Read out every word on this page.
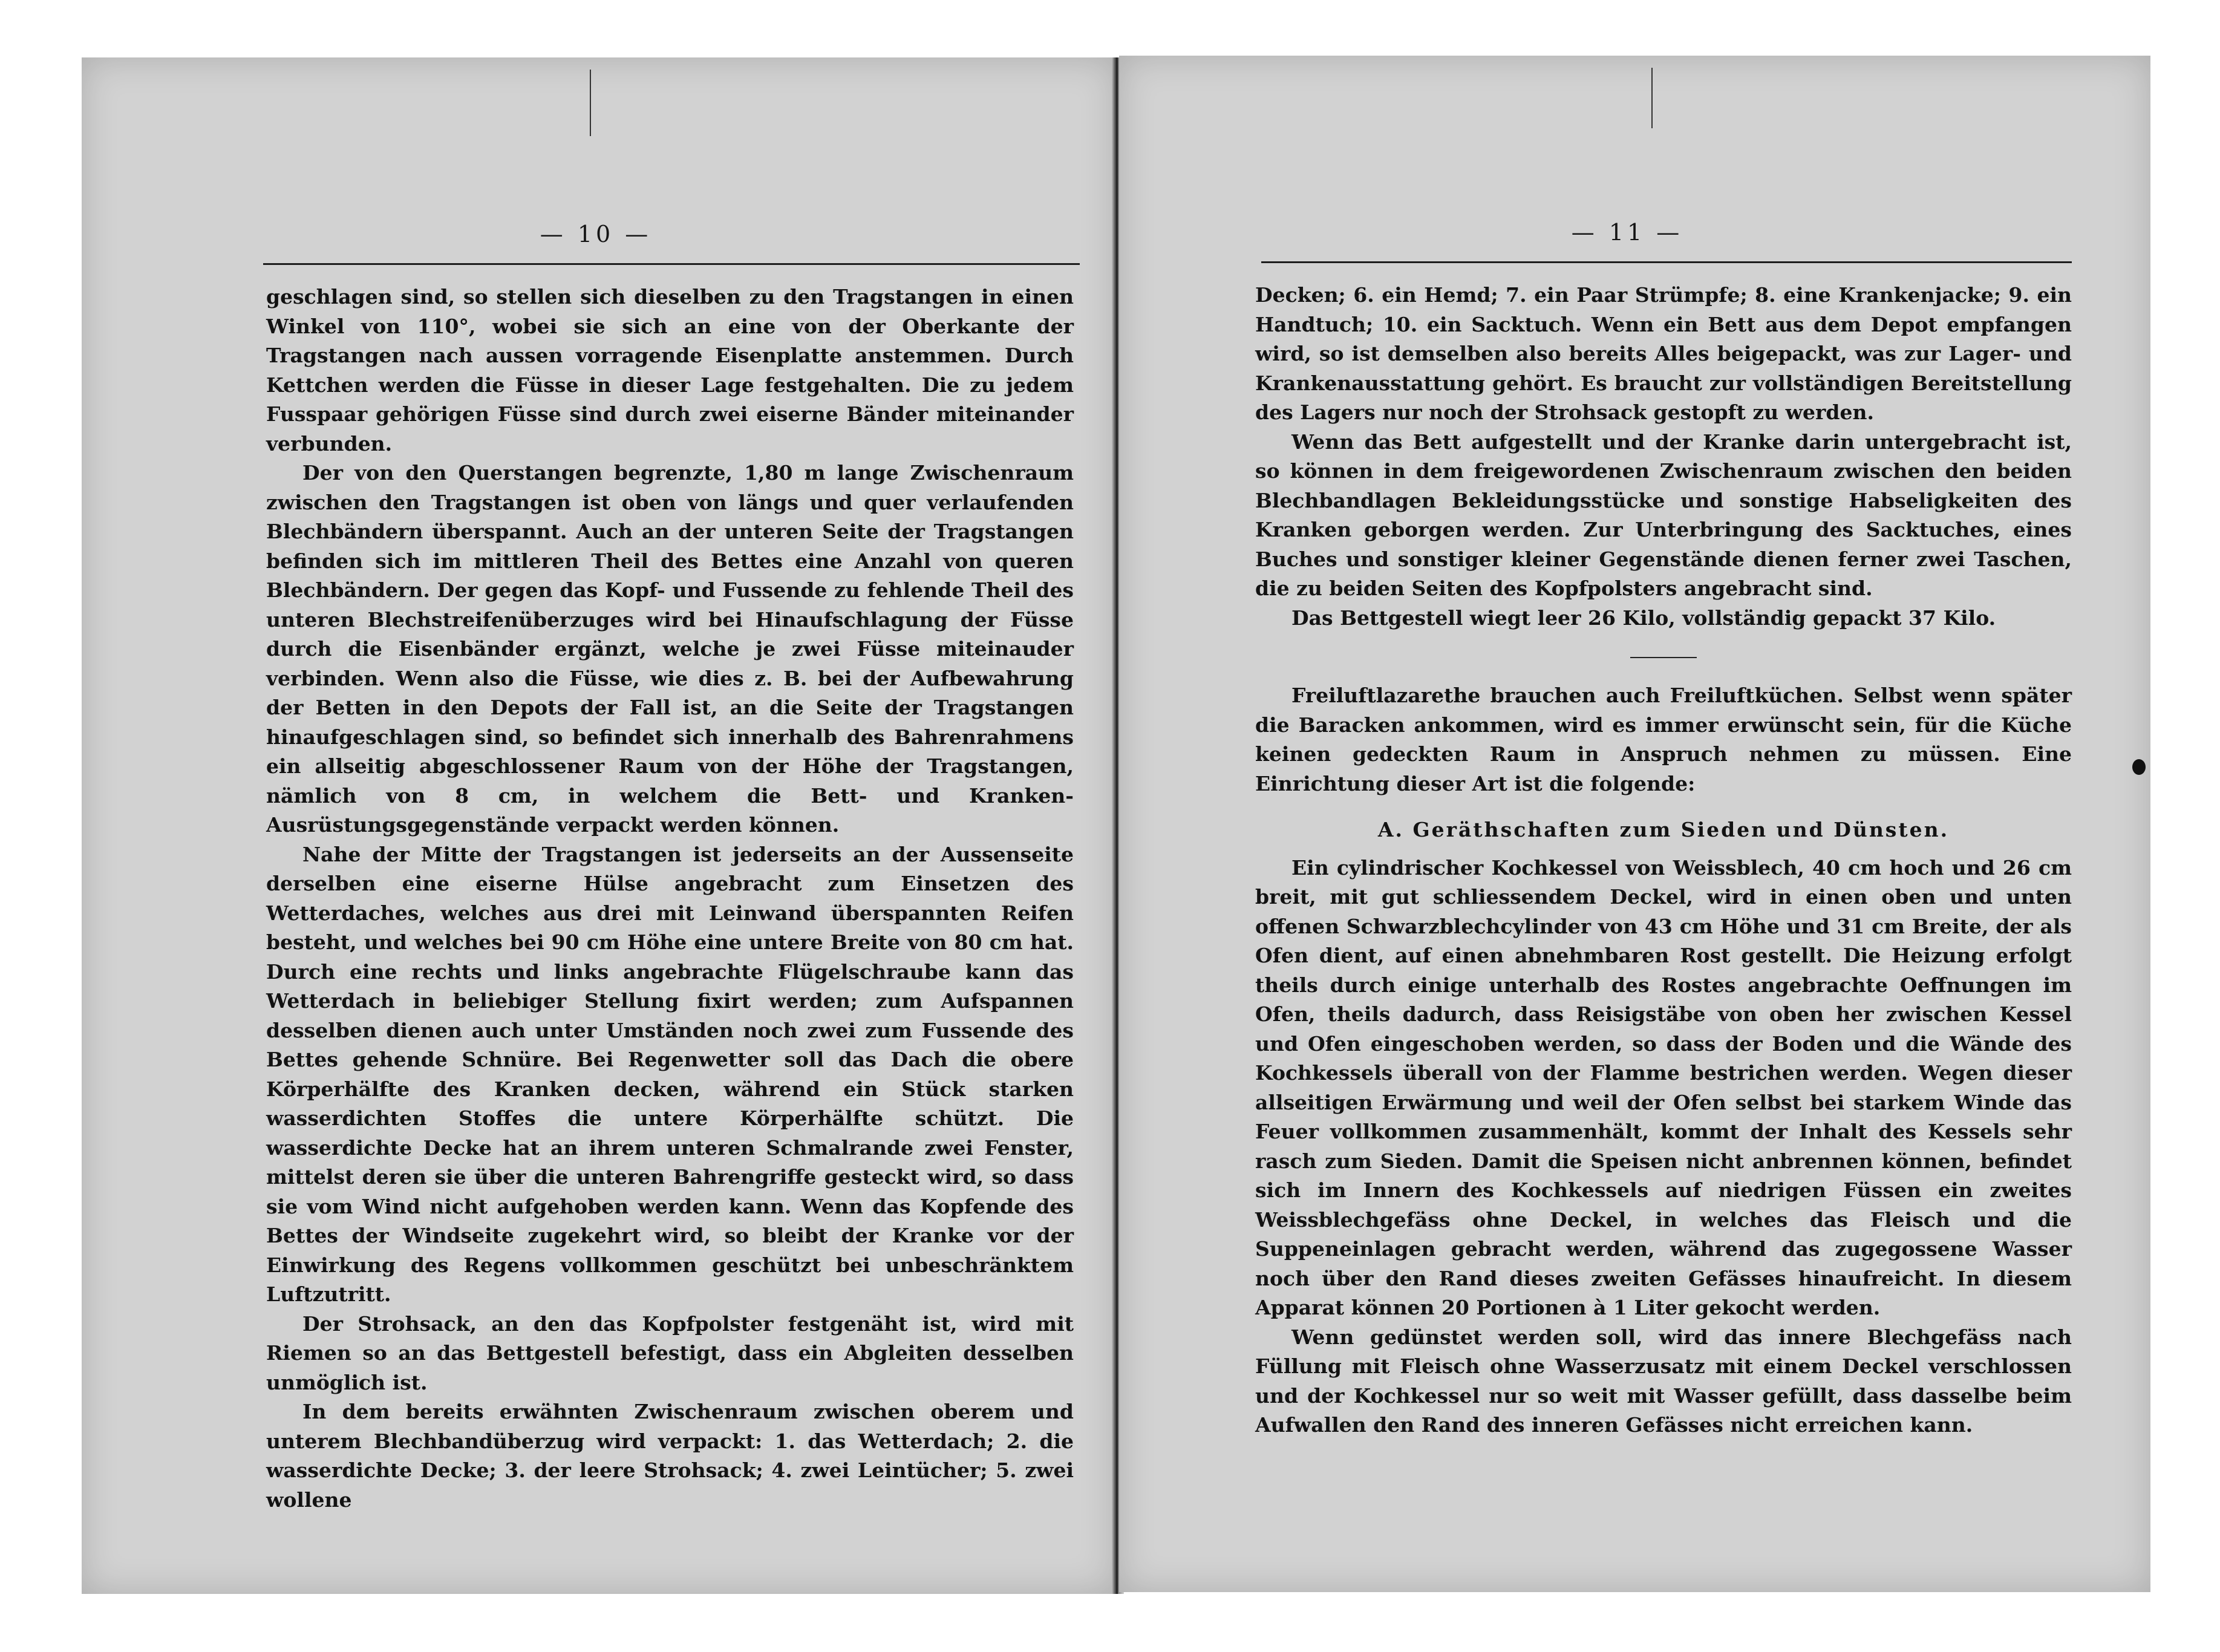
— 10 —

geschlagen sind, so stellen sich dieselben zu den Tragstangen in einen Winkel von 110°, wobei sie sich an eine von der Oberkante der Tragstangen nach aussen vorragende Eisenplatte anstemmen. Durch Kettchen werden die Füsse in dieser Lage festgehalten. Die zu jedem Fusspaar gehörigen Füsse sind durch zwei eiserne Bänder miteinander verbunden.

Der von den Querstangen begrenzte, 1,80 m lange Zwischenraum zwischen den Tragstangen ist oben von längs und quer verlaufenden Blechbändern überspannt. Auch an der unteren Seite der Tragstangen befinden sich im mittleren Theil des Bettes eine Anzahl von queren Blechbändern. Der gegen das Kopf- und Fussende zu fehlende Theil des unteren Blechstreifenüberzuges wird bei Hinaufschlagung der Füsse durch die Eisenbänder ergänzt, welche je zwei Füsse miteinauder verbinden. Wenn also die Füsse, wie dies z. B. bei der Aufbewahrung der Betten in den Depots der Fall ist, an die Seite der Tragstangen hinaufgeschlagen sind, so befindet sich innerhalb des Bahrenrahmens ein allseitig abgeschlossener Raum von der Höhe der Tragstangen, nämlich von 8 cm, in welchem die Bett- und Kranken-Ausrüstungsgegenstände verpackt werden können.

Nahe der Mitte der Tragstangen ist jederseits an der Aussenseite derselben eine eiserne Hülse angebracht zum Einsetzen des Wetterdaches, welches aus drei mit Leinwand überspannten Reifen besteht, und welches bei 90 cm Höhe eine untere Breite von 80 cm hat. Durch eine rechts und links angebrachte Flügelschraube kann das Wetterdach in beliebiger Stellung fixirt werden; zum Aufspannen desselben dienen auch unter Umständen noch zwei zum Fussende des Bettes gehende Schnüre. Bei Regenwetter soll das Dach die obere Körperhälfte des Kranken decken, während ein Stück starken wasserdichten Stoffes die untere Körperhälfte schützt. Die wasserdichte Decke hat an ihrem unteren Schmalrande zwei Fenster, mittelst deren sie über die unteren Bahrengriffe gesteckt wird, so dass sie vom Wind nicht aufgehoben werden kann. Wenn das Kopfende des Bettes der Windseite zugekehrt wird, so bleibt der Kranke vor der Einwirkung des Regens vollkommen geschützt bei unbeschränktem Luftzutritt.

Der Strohsack, an den das Kopfpolster festgenäht ist, wird mit Riemen so an das Bettgestell befestigt, dass ein Abgleiten desselben unmöglich ist.

In dem bereits erwähnten Zwischenraum zwischen oberem und unterem Blechbandüberzug wird verpackt: 1. das Wetterdach; 2. die wasserdichte Decke; 3. der leere Strohsack; 4. zwei Leintücher; 5. zwei wollene

— 11 —

Decken; 6. ein Hemd; 7. ein Paar Strümpfe; 8. eine Krankenjacke; 9. ein Handtuch; 10. ein Sacktuch. Wenn ein Bett aus dem Depot empfangen wird, so ist demselben also bereits Alles beigepackt, was zur Lager- und Krankenausstattung gehört. Es braucht zur vollständigen Bereitstellung des Lagers nur noch der Strohsack gestopft zu werden.

Wenn das Bett aufgestellt und der Kranke darin untergebracht ist, so können in dem freigewordenen Zwischenraum zwischen den beiden Blechbandlagen Bekleidungsstücke und sonstige Habseligkeiten des Kranken geborgen werden. Zur Unterbringung des Sacktuches, eines Buches und sonstiger kleiner Gegenstände dienen ferner zwei Taschen, die zu beiden Seiten des Kopfpolsters angebracht sind.

Das Bettgestell wiegt leer 26 Kilo, vollständig gepackt 37 Kilo.

Freiluftlazarethe brauchen auch Freiluftküchen. Selbst wenn später die Baracken ankommen, wird es immer erwünscht sein, für die Küche keinen gedeckten Raum in Anspruch nehmen zu müssen. Eine Einrichtung dieser Art ist die folgende:

A. Geräthschaften zum Sieden und Dünsten.

Ein cylindrischer Kochkessel von Weissblech, 40 cm hoch und 26 cm breit, mit gut schliessendem Deckel, wird in einen oben und unten offenen Schwarzblechcylinder von 43 cm Höhe und 31 cm Breite, der als Ofen dient, auf einen abnehmbaren Rost gestellt. Die Heizung erfolgt theils durch einige unterhalb des Rostes angebrachte Oeffnungen im Ofen, theils dadurch, dass Reisigstäbe von oben her zwischen Kessel und Ofen eingeschoben werden, so dass der Boden und die Wände des Kochkessels überall von der Flamme bestrichen werden. Wegen dieser allseitigen Erwärmung und weil der Ofen selbst bei starkem Winde das Feuer vollkommen zusammenhält, kommt der Inhalt des Kessels sehr rasch zum Sieden. Damit die Speisen nicht anbrennen können, befindet sich im Innern des Kochkessels auf niedrigen Füssen ein zweites Weissblechgefäss ohne Deckel, in welches das Fleisch und die Suppeneinlagen gebracht werden, während das zugegossene Wasser noch über den Rand dieses zweiten Gefässes hinaufreicht. In diesem Apparat können 20 Portionen à 1 Liter gekocht werden.

Wenn gedünstet werden soll, wird das innere Blechgefäss nach Füllung mit Fleisch ohne Wasserzusatz mit einem Deckel verschlossen und der Kochkessel nur so weit mit Wasser gefüllt, dass dasselbe beim Aufwallen den Rand des inneren Gefässes nicht erreichen kann.
